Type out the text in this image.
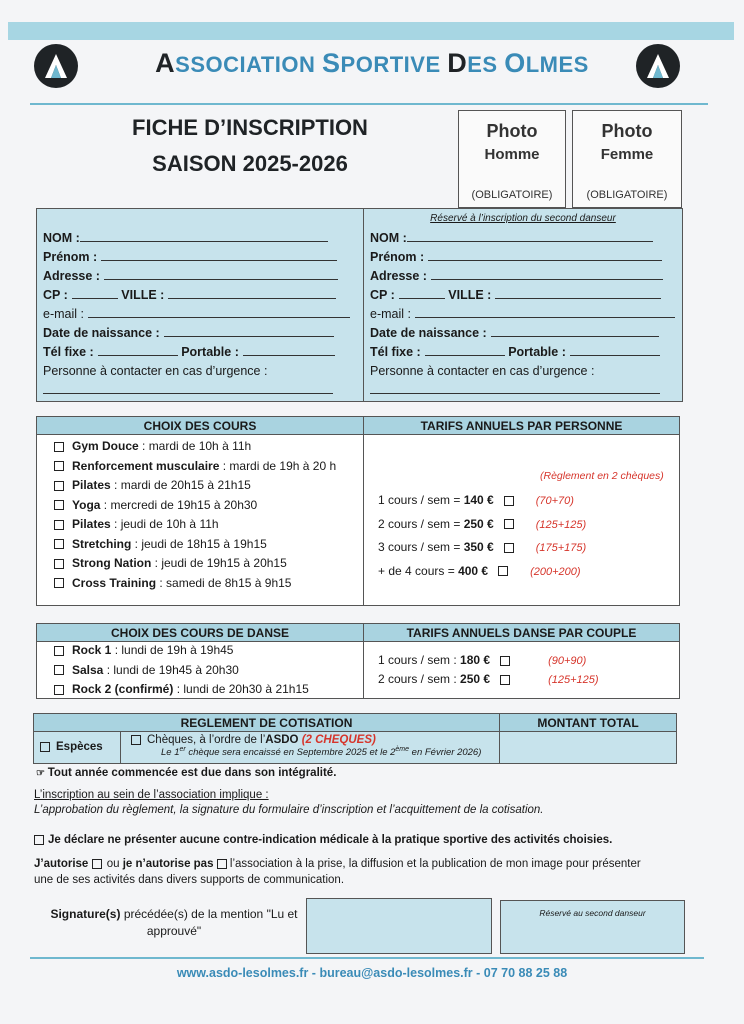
ASSOCIATION SPORTIVE DES OLMES
FICHE D’INSCRIPTION
SAISON 2025-2026
Photo
Homme
(OBLIGATOIRE)
Photo
Femme
(OBLIGATOIRE)
Réservé à l’inscription du second danseur
NOM :
Prénom :
Adresse :
CP :	VILLE :
e-mail :
Date de naissance :
Tél fixe :	Portable :
Personne à contacter en cas d’urgence :
NOM :
Prénom :
Adresse :
CP :	VILLE :
e-mail :
Date de naissance :
Tél fixe :	Portable :
Personne à contacter en cas d’urgence :
CHOIX DES COURS	TARIFS ANNUELS PAR PERSONNE
Gym Douce : mardi de 10h à 11h
Renforcement musculaire : mardi de 19h à 20 h
Pilates : mardi de 20h15 à 21h15
Yoga : mercredi de 19h15 à 20h30
Pilates : jeudi de 10h à 11h
Stretching : jeudi de 18h15 à 19h15
Strong Nation : jeudi de 19h15 à 20h15
Cross Training : samedi de 8h15 à 9h15
(Règlement en 2 chèques)
1 cours / sem = 140 €	(70+70)
2 cours / sem = 250 €	(125+125)
3 cours / sem = 350 €	(175+175)
+ de 4 cours = 400 €	(200+200)
CHOIX DES COURS DE DANSE	TARIFS ANNUELS DANSE PAR COUPLE
Rock 1 : lundi de 19h à 19h45
Salsa : lundi de 19h45 à 20h30
Rock 2 (confirmé) : lundi de 20h30 à 21h15
1 cours / sem : 180 €	(90+90)
2 cours / sem : 250 €	(125+125)
REGLEMENT DE COTISATION	MONTANT TOTAL
Espèces
Chèques, à l’ordre de l’ASDO (2 CHEQUES)
Le 1er chèque sera encaissé en Septembre 2025 et le 2ème en Février 2026)
☞ Tout année commencée est due dans son intégralité.
L’inscription au sein de l’association implique :
L’approbation du règlement, la signature du formulaire d’inscription et l’acquittement de la cotisation.
Je déclare ne présenter aucune contre-indication médicale à la pratique sportive des activités choisies.
J’autorise  ou je n’autorise pas  l’association à la prise, la diffusion et la publication de mon image pour présenter
une de ses activités dans divers supports de communication.
Signature(s) précédée(s) de la mention "Lu et
approuvé"
Réservé au second danseur
www.asdo-lesolmes.fr - bureau@asdo-lesolmes.fr - 07 70 88 25 88
